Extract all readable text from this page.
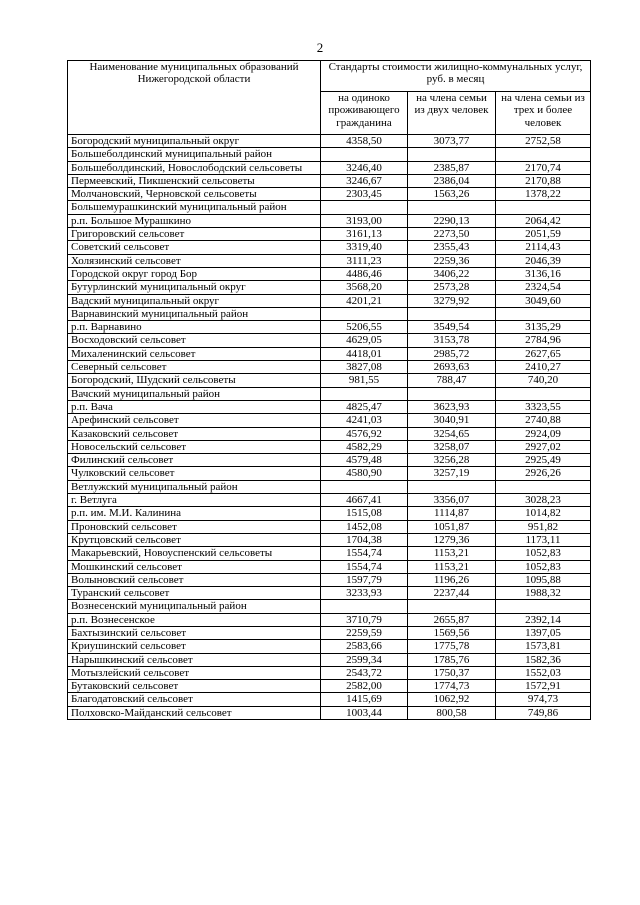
2
Наименование муниципальных образований Нижегородской области	Стандарты стоимости жилищно-коммунальных услуг, руб. в месяц		
	на одиноко проживающего гражданина	на члена семьи из двух человек	на члена семьи из трех и более человек
Богородский муниципальный округ	4358,50	3073,77	2752,58
Большеболдинский муниципальный район			
Большеболдинский, Новослободский сельсоветы	3246,40	2385,87	2170,74
Пермеевский, Пикшенский сельсоветы	3246,67	2386,04	2170,88
Молчановский, Черновской сельсоветы	2303,45	1563,26	1378,22
Большемурашкинский муниципальный район			
р.п. Большое Мурашкино	3193,00	2290,13	2064,42
Григоровский сельсовет	3161,13	2273,50	2051,59
Советский сельсовет	3319,40	2355,43	2114,43
Холязинский сельсовет	3111,23	2259,36	2046,39
Городской округ город Бор	4486,46	3406,22	3136,16
Бутурлинский муниципальный округ	3568,20	2573,28	2324,54
Вадский муниципальный округ	4201,21	3279,92	3049,60
Варнавинский муниципальный район			
р.п. Варнавино	5206,55	3549,54	3135,29
Восходовский сельсовет	4629,05	3153,78	2784,96
Михаленинский сельсовет	4418,01	2985,72	2627,65
Северный сельсовет	3827,08	2693,63	2410,27
Богородский, Шудский сельсоветы	981,55	788,47	740,20
Вачский муниципальный район			
р.п. Вача	4825,47	3623,93	3323,55
Арефинский сельсовет	4241,03	3040,91	2740,88
Казаковский сельсовет	4576,92	3254,65	2924,09
Новосельский сельсовет	4582,29	3258,07	2927,02
Филинский сельсовет	4579,48	3256,28	2925,49
Чулковский сельсовет	4580,90	3257,19	2926,26
Ветлужский муниципальный район			
г. Ветлуга	4667,41	3356,07	3028,23
р.п. им. М.И. Калинина	1515,08	1114,87	1014,82
Проновский сельсовет	1452,08	1051,87	951,82
Крутцовский сельсовет	1704,38	1279,36	1173,11
Макарьевский, Новоуспенский сельсоветы	1554,74	1153,21	1052,83
Мошкинский сельсовет	1554,74	1153,21	1052,83
Волыновский сельсовет	1597,79	1196,26	1095,88
Туранский сельсовет	3233,93	2237,44	1988,32
Вознесенский муниципальный район			
р.п. Вознесенское	3710,79	2655,87	2392,14
Бахтызинский сельсовет	2259,59	1569,56	1397,05
Криушинский сельсовет	2583,66	1775,78	1573,81
Нарышкинский сельсовет	2599,34	1785,76	1582,36
Мотызлейский сельсовет	2543,72	1750,37	1552,03
Бутаковский сельсовет	2582,00	1774,73	1572,91
Благодатовский сельсовет	1415,69	1062,92	974,73
Полховско-Майданский сельсовет	1003,44	800,58	749,86
